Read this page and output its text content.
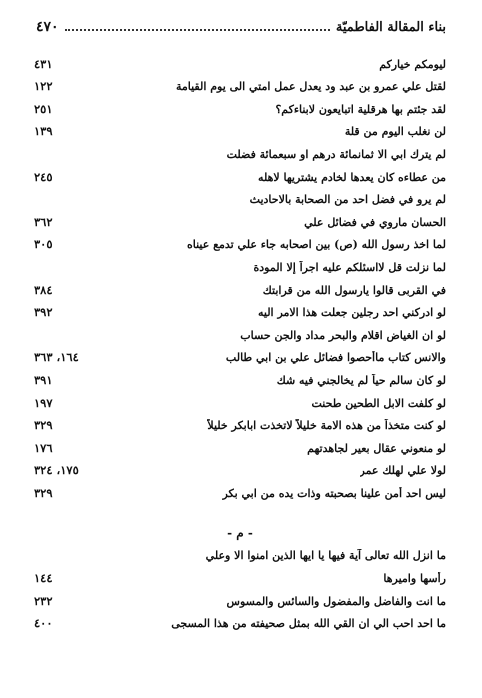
بناء المقالة الفاطميّة
٤٧٠
ليومكم خياركم
٤٣١
لقتل علي عمرو بن عبد ود يعدل عمل امتي الى يوم القيامة
١٢٢
لقد جئتم بها هرقلية اتبايعون لابناءكم؟
٢٥١
لن نغلب اليوم من قلة
١٣٩
لم يترك ابي الا ثمانمائة درهم او سبعمائة فضلت
من عطاءه كان يعدها لخادم يشتريها لاهله
٢٤٥
لم يرو في فضل احد من الصحابة بالاحاديث
الحسان ماروي في فضائل علي
٣٦٢
لما اخذ رسول الله (ص) بين اصحابه جاء علي تدمع عيناه
٣٠٥
لما نزلت قل لااسئلكم عليه اجراً إلا المودة
في القربى قالوا يارسول الله من قرابتك
٣٨٤
لو ادركني احد رجلين جعلت هذا الامر اليه
٣٩٢
لو ان الغياض اقلام والبحر مداد والجن حساب
والانس كتاب ماأحصوا فضائل علي بن ابي طالب
١٦٤، ٣٦٣
لو كان سالم حياً لم يخالجني فيه شك
٣٩١
لو كلفت الابل الطحين طحنت
١٩٧
لو كنت متخذاً من هذه الامة خليلاً لاتخذت ابابكر خليلاً
٣٢٩
لو منعوني عقال بعير لجاهدتهم
١٧٦
لولا علي لهلك عمر
١٧٥، ٣٢٤
ليس احد أمن علينا بصحبته وذات يده من ابي بكر
٣٢٩
- م -
ما انزل الله تعالى آية فيها يا ايها الذين امنوا الا وعلي
رأسها واميرها
١٤٤
ما انت والفاضل والمفضول والسائس والمسوس
٢٣٢
ما احد احب الي ان القي الله بمثل صحيفته من هذا المسجى
٤٠٠
